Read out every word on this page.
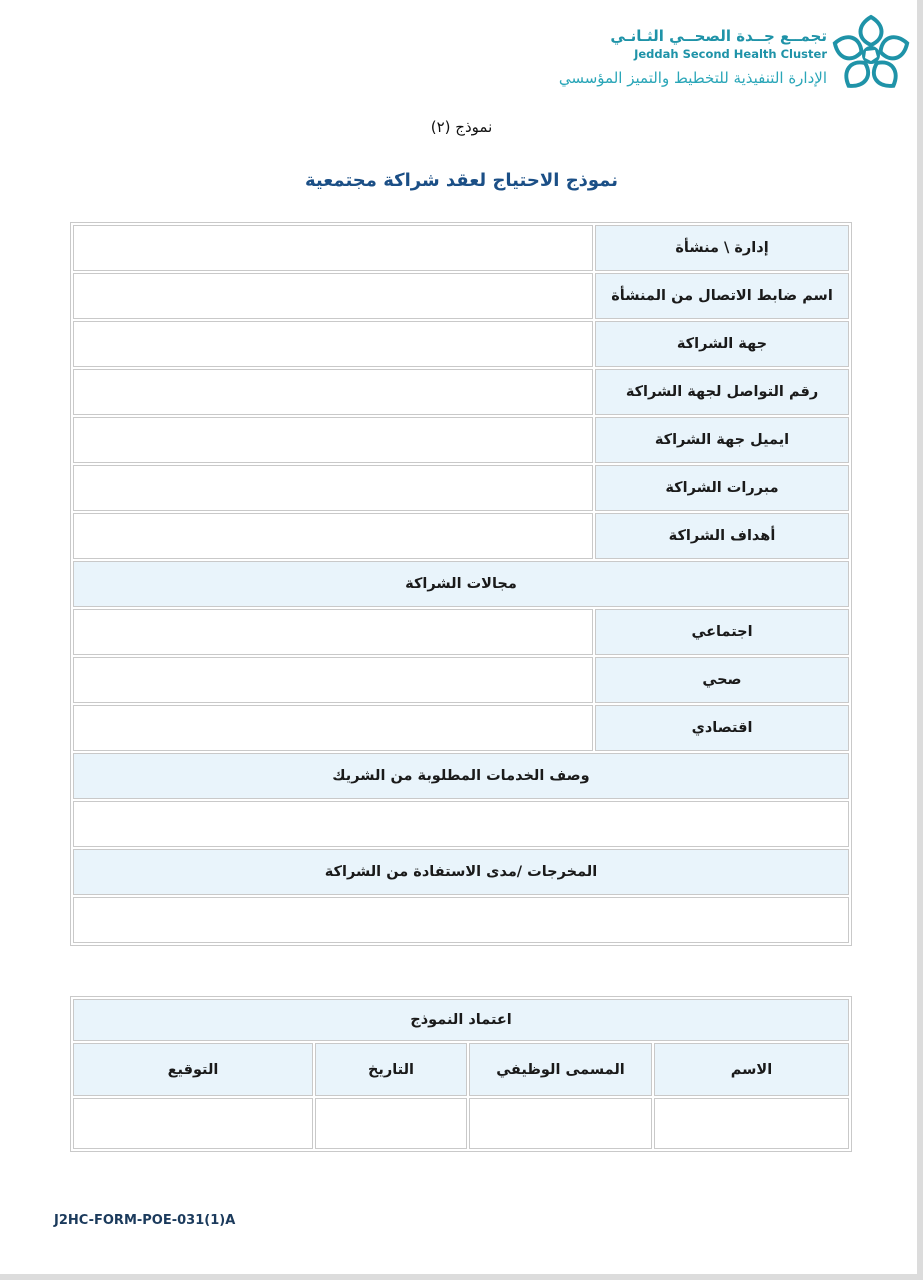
تجمــع جــدة الصحــي الثـانـي
Jeddah Second Health Cluster
الإدارة التنفيذية للتخطيط والتميز المؤسسي
نموذج (٢)
نموذج الاحتياج لعقد شراكة مجتمعية
إدارة \ منشأة	
اسم ضابط الاتصال من المنشأة	
جهة الشراكة	
رقم التواصل لجهة الشراكة	
ايميل جهة الشراكة	
مبررات الشراكة	
أهداف الشراكة	
مجالات الشراكة	
اجتماعي	
صحي	
اقتصادي	
وصف الخدمات المطلوبة من الشريك	

المخرجات /مدى الاستفادة من الشراكة	

اعتماد النموذج			
الاسم	المسمى الوظيفي	التاريخ	التوقيع

J2HC-FORM-POE-031(1)A
